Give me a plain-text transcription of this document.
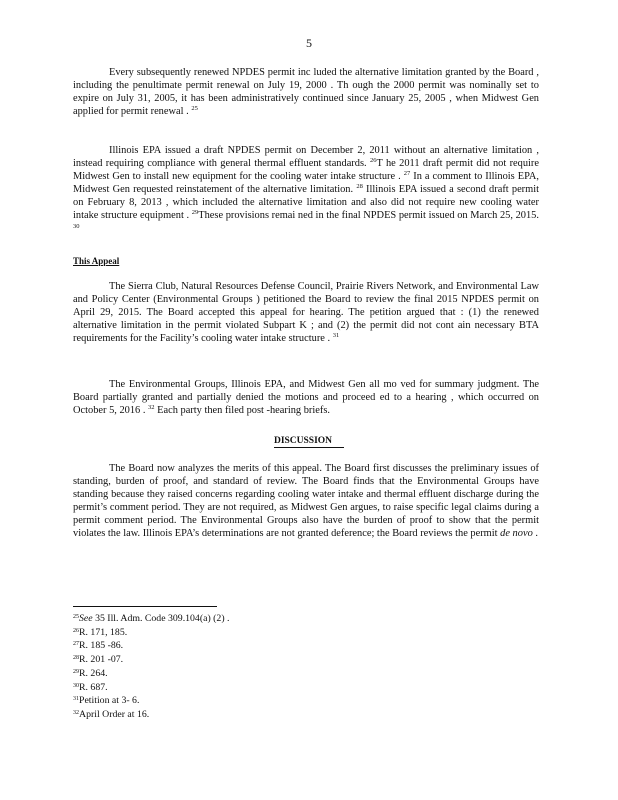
5

Every subsequently renewed NPDES permit inc luded the alternative limitation granted by the Board , including the penultimate permit renewal on July 19, 2000 . Th ough the 2000 permit was nominally set to expire on July 31, 2005, it has been administratively continued since January 25, 2005 , when Midwest Gen applied for permit renewal . $^{25}$

Illinois EPA issued a draft NPDES permit on December 2, 2011 without an alternative limitation , instead requiring compliance with general thermal effluent standards. $^{26}$T he 2011 draft permit did not require Midwest Gen to install new equipment for the cooling water intake structure . $^{27}$ In a comment to Illinois EPA, Midwest Gen requested reinstatement of the alternative limitation. $^{28}$ Illinois EPA issued a second draft permit on February 8, 2013 , which included the alternative limitation and also did not require new cooling water intake structure equipment . $^{29}$These provisions remai ned in the final NPDES permit issued on March 25, 2015. $^{30}$

This Appeal

The Sierra Club, Natural Resources Defense Council, Prairie Rivers Network, and Environmental Law and Policy Center (Environmental Groups ) petitioned the Board to review the final 2015 NPDES permit on April 29, 2015. The Board accepted this appeal for hearing. The petition argued that : (1) the renewed alternative limitation in the permit violated Subpart K ; and (2) the permit did not cont ain necessary BTA requirements for the Facility’s cooling water intake structure . $^{31}$

The Environmental Groups, Illinois EPA, and Midwest Gen all mo ved for summary judgment. The Board partially granted and partially denied the motions and proceed ed to a hearing , which occurred on October 5, 2016 . $^{32}$ Each party then filed post -hearing briefs.

DISCUSSION

The Board now analyzes the merits of this appeal. The Board first discusses the preliminary issues of standing, burden of proof, and standard of review. The Board finds that the Environmental Groups have standing because they raised concerns regarding cooling water intake and thermal effluent discharge during the permit’s comment period. They are not required, as Midwest Gen argues, to raise specific legal claims during a permit comment period. The Environmental Groups also have the burden of proof to show that the permit violates the law. Illinois EPA’s determinations are not granted deference; the Board reviews the permit de novo .

$^{25}$See 35 Ill. Adm. Code 309.104(a) (2) .
$^{26}$R. 171, 185.
$^{27}$R. 185 -86.
$^{28}$R. 201 -07.
$^{29}$R. 264.
$^{30}$R. 687.
$^{31}$Petition at 3- 6.
$^{32}$April Order at 16.
